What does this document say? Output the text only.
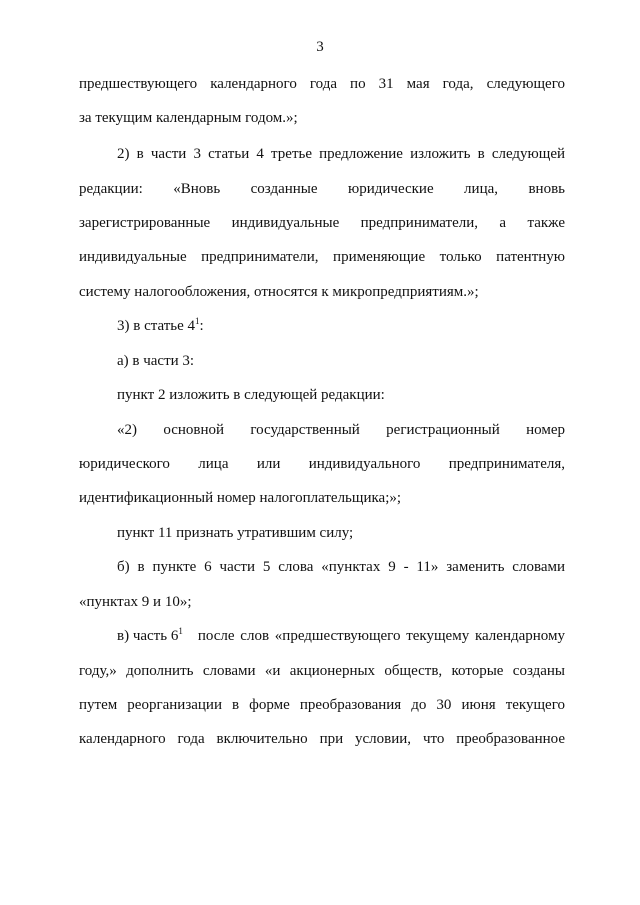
3
предшествующего календарного года по 31 мая года, следующего
за текущим календарным годом.»;
2) в части 3 статьи 4 третье предложение изложить в следующей
редакции: «Вновь созданные юридические лица, вновь
зарегистрированные индивидуальные предприниматели, а также
индивидуальные предприниматели, применяющие только патентную
систему налогообложения, относятся к микропредприятиям.»;
3) в статье $4^1$:
а) в части 3:
пункт 2 изложить в следующей редакции:
«2) основной государственный регистрационный номер
юридического лица или индивидуального предпринимателя,
идентификационный номер налогоплательщика;»;
пункт 11 признать утратившим силу;
б) в пункте 6 части 5 слова «пунктах 9 - 11» заменить словами
«пунктах 9 и 10»;
в) часть $6^1$ после слов «предшествующего текущему календарному
году,» дополнить словами «и акционерных обществ, которые созданы
путем реорганизации в форме преобразования до 30 июня текущего
календарного года включительно при условии, что преобразованное
